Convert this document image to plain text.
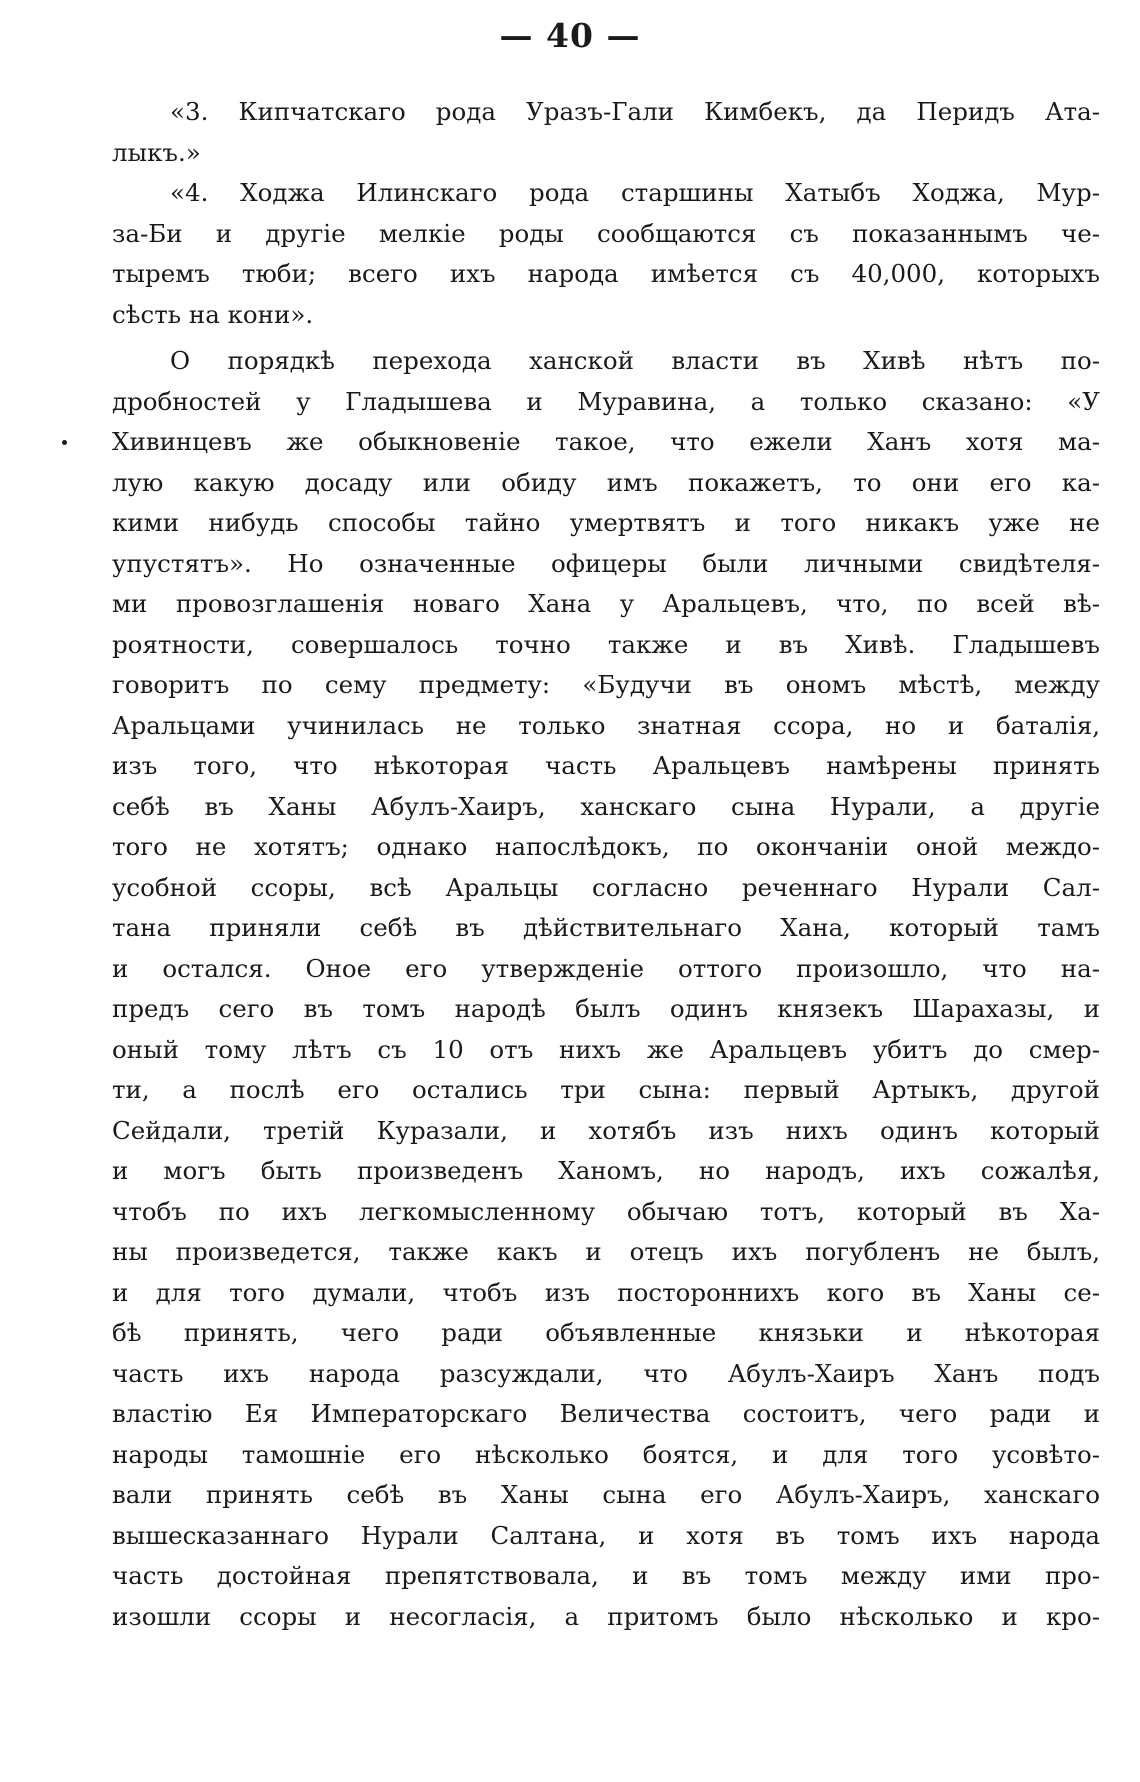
— 40 —
«3. Кипчатскаго рода Уразъ-Гали Кимбекъ, да Перидъ Ата-
лыкъ.»
«4. Ходжа Илинскаго рода старшины Хатыбъ Ходжа, Мур-
за-Би и другіе мелкіе роды сообщаются съ показаннымъ че-
тыремъ тюби; всего ихъ народа имѣется съ 40,000, которыхъ
сѣсть на кони».
О порядкѣ перехода ханской власти въ Хивѣ нѣтъ по-
дробностей у Гладышева и Муравина, а только сказано: «У
Хивинцевъ же обыкновеніе такое, что ежели Ханъ хотя ма-
лую какую досаду или обиду имъ покажетъ, то они его ка-
кими нибудь способы тайно умертвятъ и того никакъ уже не
упустятъ». Но означенные офицеры были личными свидѣтеля-
ми провозглашенія новаго Хана у Аральцевъ, что, по всей вѣ-
роятности, совершалось точно также и въ Хивѣ. Гладышевъ
говоритъ по сему предмету: «Будучи въ ономъ мѣстѣ, между
Аральцами учинилась не только знатная ссора, но и баталія,
изъ того, что нѣкоторая часть Аральцевъ намѣрены принять
себѣ въ Ханы Абулъ-Хаиръ, ханскаго сына Нурали, а другіе
того не хотятъ; однако напослѣдокъ, по окончаніи оной междо-
усобной ссоры, всѣ Аральцы согласно реченнаго Нурали Сал-
тана приняли себѣ въ дѣйствительнаго Хана, который тамъ
и остался. Оное его утвержденіе оттого произошло, что на-
предъ сего въ томъ народѣ былъ одинъ князекъ Шарахазы, и
оный тому лѣтъ съ 10 отъ нихъ же Аральцевъ убитъ до смер-
ти, а послѣ его остались три сына: первый Артыкъ, другой
Сейдали, третій Куразали, и хотябъ изъ нихъ одинъ который
и могъ быть произведенъ Ханомъ, но народъ, ихъ сожалѣя,
чтобъ по ихъ легкомысленному обычаю тотъ, который въ Ха-
ны произведется, также какъ и отецъ ихъ погубленъ не былъ,
и для того думали, чтобъ изъ постороннихъ кого въ Ханы се-
бѣ принять, чего ради объявленные князьки и нѣкоторая
часть ихъ народа разсуждали, что Абулъ-Хаиръ Ханъ подъ
властію Ея Императорскаго Величества состоитъ, чего ради и
народы тамошніе его нѣсколько боятся, и для того усовѣто-
вали принять себѣ въ Ханы сына его Абулъ-Хаиръ, ханскаго
вышесказаннаго Нурали Салтана, и хотя въ томъ ихъ народа
часть достойная препятствовала, и въ томъ между ими про-
изошли ссоры и несогласія, а притомъ было нѣсколько и кро-
